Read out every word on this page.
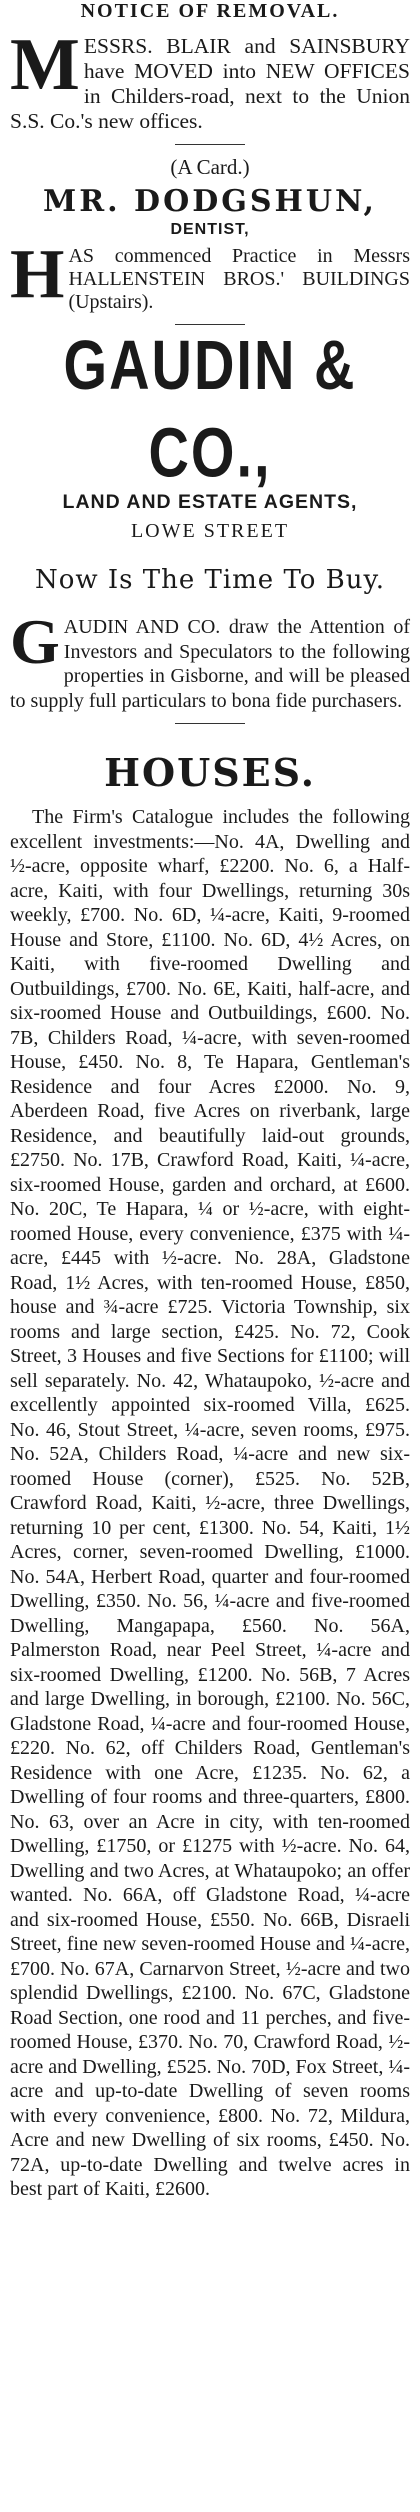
NOTICE OF REMOVAL.

MESSRS. BLAIR and SAINSBURY have MOVED into NEW OFFICES in Childers-road, next to the Union S.S. Co.'s new offices.

(A Card.)

MR. DODGSHUN,

DENTIST,

HAS commenced Practice in Messrs HALLENSTEIN BROS.' BUILDINGS (Upstairs).

GAUDIN & CO.,

LAND AND ESTATE AGENTS,

LOWE STREET

Now Is The Time To Buy.

GAUDIN AND CO. draw the Attention of Investors and Speculators to the following properties in Gisborne, and will be pleased to supply full particulars to bona fide purchasers.

HOUSES.

The Firm's Catalogue includes the following excellent investments:—No. 4A, Dwelling and ½-acre, opposite wharf, £2200. No. 6, a Half-acre, Kaiti, with four Dwellings, returning 30s weekly, £700. No. 6D, ¼-acre, Kaiti, 9-roomed House and Store, £1100. No. 6D, 4½ Acres, on Kaiti, with five-roomed Dwelling and Outbuildings, £700. No. 6E, Kaiti, half-acre, and six-roomed House and Outbuildings, £600. No. 7B, Childers Road, ¼-acre, with seven-roomed House, £450. No. 8, Te Hapara, Gentleman's Residence and four Acres £2000. No. 9, Aberdeen Road, five Acres on riverbank, large Residence, and beautifully laid-out grounds, £2750. No. 17B, Crawford Road, Kaiti, ¼-acre, six-roomed House, garden and orchard, at £600. No. 20C, Te Hapara, ¼ or ½-acre, with eight-roomed House, every convenience, £375 with ¼-acre, £445 with ½-acre. No. 28A, Gladstone Road, 1½ Acres, with ten-roomed House, £850, house and ¾-acre £725. Victoria Township, six rooms and large section, £425. No. 72, Cook Street, 3 Houses and five Sections for £1100; will sell separately. No. 42, Whataupoko, ½-acre and excellently appointed six-roomed Villa, £625. No. 46, Stout Street, ¼-acre, seven rooms, £975. No. 52A, Childers Road, ¼-acre and new six-roomed House (corner), £525. No. 52B, Crawford Road, Kaiti, ½-acre, three Dwellings, returning 10 per cent, £1300. No. 54, Kaiti, 1½ Acres, corner, seven-roomed Dwelling, £1000. No. 54A, Herbert Road, quarter and four-roomed Dwelling, £350. No. 56, ¼-acre and five-roomed Dwelling, Mangapapa, £560. No. 56A, Palmerston Road, near Peel Street, ¼-acre and six-roomed Dwelling, £1200. No. 56B, 7 Acres and large Dwelling, in borough, £2100. No. 56C, Gladstone Road, ¼-acre and four-roomed House, £220. No. 62, off Childers Road, Gentleman's Residence with one Acre, £1235. No. 62, a Dwelling of four rooms and three-quarters, £800. No. 63, over an Acre in city, with ten-roomed Dwelling, £1750, or £1275 with ½-acre. No. 64, Dwelling and two Acres, at Whataupoko; an offer wanted. No. 66A, off Gladstone Road, ¼-acre and six-roomed House, £550. No. 66B, Disraeli Street, fine new seven-roomed House and ¼-acre, £700. No. 67A, Carnarvon Street, ½-acre and two splendid Dwellings, £2100. No. 67C, Gladstone Road Section, one rood and 11 perches, and five-roomed House, £370. No. 70, Crawford Road, ½-acre and Dwelling, £525. No. 70D, Fox Street, ¼-acre and up-to-date Dwelling of seven rooms with every convenience, £800. No. 72, Mildura, Acre and new Dwelling of six rooms, £450. No. 72A, up-to-date Dwelling and twelve acres in best part of Kaiti, £2600.
